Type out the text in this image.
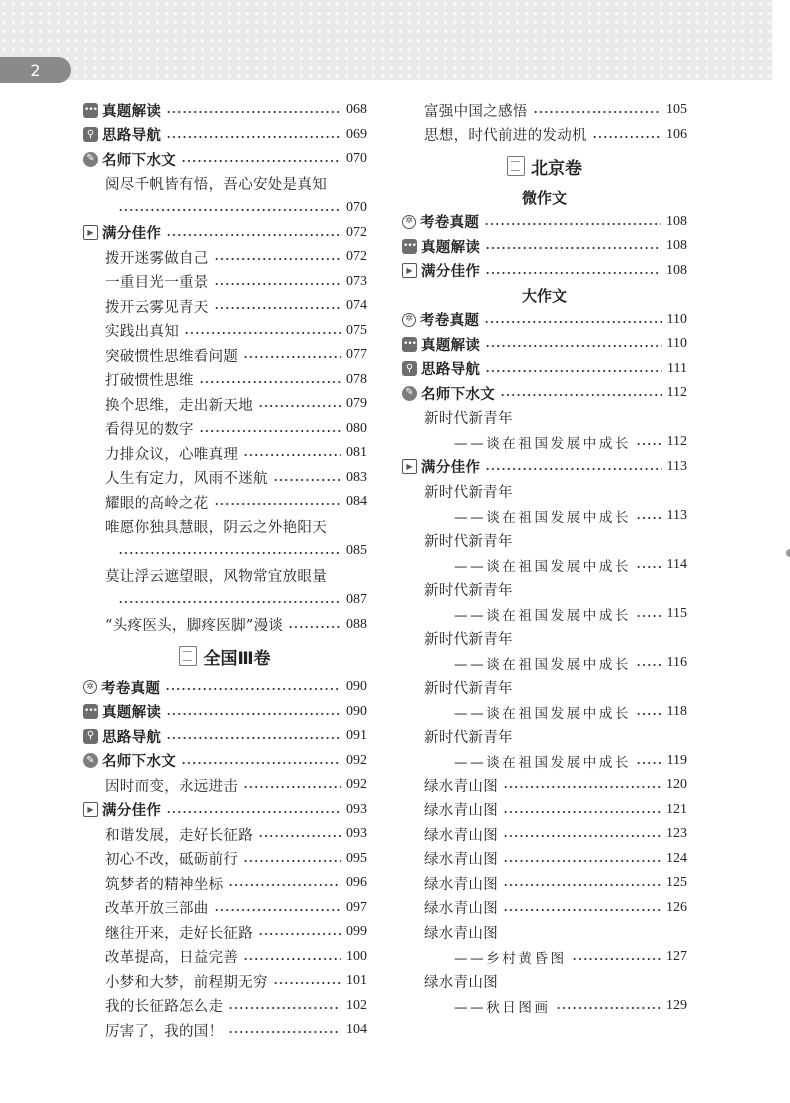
2
••• 真题解读	068
⚲ 思路导航	069
✎ 名师下水文	070
阅尽千帆皆有悟，吾心安处是真知
070
▶ 满分佳作	072
拨开迷雾做自己	072
一重目光一重景	073
拨开云雾见青天	074
实践出真知	075
突破惯性思维看问题	077
打破惯性思维	078
换个思维，走出新天地	079
看得见的数字	080
力排众议，心唯真理	081
人生有定力，风雨不迷航	083
耀眼的高岭之花	084
唯愿你独具慧眼，阴云之外艳阳天
085
莫让浮云遮望眼，风物常宜放眼量
087
“头疼医头，脚疼医脚”漫谈	088
全国Ⅲ卷
✲ 考卷真题	090
••• 真题解读	090
⚲ 思路导航	091
✎ 名师下水文	092
因时而变，永远进击	092
▶ 满分佳作	093
和谐发展，走好长征路	093
初心不改，砥砺前行	095
筑梦者的精神坐标	096
改革开放三部曲	097
继往开来，走好长征路	099
改革提高，日益完善	100
小梦和大梦，前程期无穷	101
我的长征路怎么走	102
厉害了，我的国！	104
富强中国之感悟	105
思想，时代前进的发动机	106
北京卷
微作文
✲ 考卷真题	108
••• 真题解读	108
▶ 满分佳作	108
大作文
✲ 考卷真题	110
••• 真题解读	110
⚲ 思路导航	111
✎ 名师下水文	112
新时代新青年
——谈在祖国发展中成长	112
▶ 满分佳作	113
新时代新青年
——谈在祖国发展中成长	113
新时代新青年
——谈在祖国发展中成长	114
新时代新青年
——谈在祖国发展中成长	115
新时代新青年
——谈在祖国发展中成长	116
新时代新青年
——谈在祖国发展中成长	118
新时代新青年
——谈在祖国发展中成长	119
绿水青山图	120
绿水青山图	121
绿水青山图	123
绿水青山图	124
绿水青山图	125
绿水青山图	126
绿水青山图
——乡村黄昏图	127
绿水青山图
——秋日图画	129
